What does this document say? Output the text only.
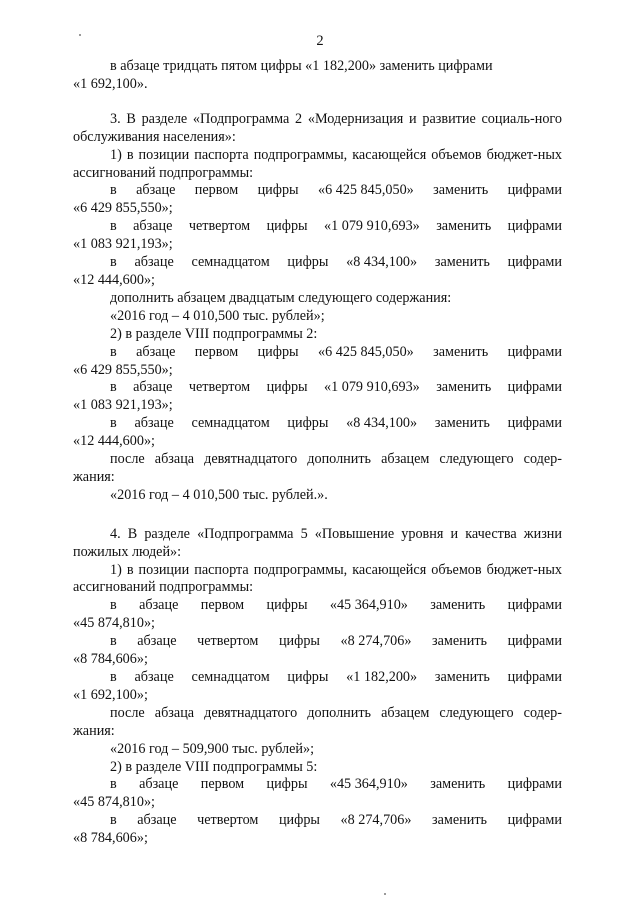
2
в абзаце тридцать пятом цифры «1 182,200» заменить цифрами
«1 692,100».
3. В разделе «Подпрограмма 2 «Модернизация и развитие социаль-ного обслуживания населения»:
1) в позиции паспорта подпрограммы, касающейся объемов бюджет-ных ассигнований подпрограммы:
в абзаце первом цифры «6 425 845,050» заменить цифрами
«6 429 855,550»;
в абзаце четвертом цифры «1 079 910,693» заменить цифрами
«1 083 921,193»;
в абзаце семнадцатом цифры «8 434,100» заменить цифрами
«12 444,600»;
дополнить абзацем двадцатым следующего содержания:
«2016 год – 4 010,500 тыс. рублей»;
2) в разделе VIII подпрограммы 2:
в абзаце первом цифры «6 425 845,050» заменить цифрами
«6 429 855,550»;
в абзаце четвертом цифры «1 079 910,693» заменить цифрами
«1 083 921,193»;
в абзаце семнадцатом цифры «8 434,100» заменить цифрами
«12 444,600»;
после абзаца девятнадцатого дополнить абзацем следующего содер-жания:
«2016 год – 4 010,500 тыс. рублей.».
4. В разделе «Подпрограмма 5 «Повышение уровня и качества жизни пожилых людей»:
1) в позиции паспорта подпрограммы, касающейся объемов бюджет-ных ассигнований подпрограммы:
в абзаце первом цифры «45 364,910» заменить цифрами
«45 874,810»;
в абзаце четвертом цифры «8 274,706» заменить цифрами
«8 784,606»;
в абзаце семнадцатом цифры «1 182,200» заменить цифрами
«1 692,100»;
после абзаца девятнадцатого дополнить абзацем следующего содер-жания:
«2016 год – 509,900 тыс. рублей»;
2) в разделе VIII подпрограммы 5:
в абзаце первом цифры «45 364,910» заменить цифрами
«45 874,810»;
в абзаце четвертом цифры «8 274,706» заменить цифрами
«8 784,606»;
